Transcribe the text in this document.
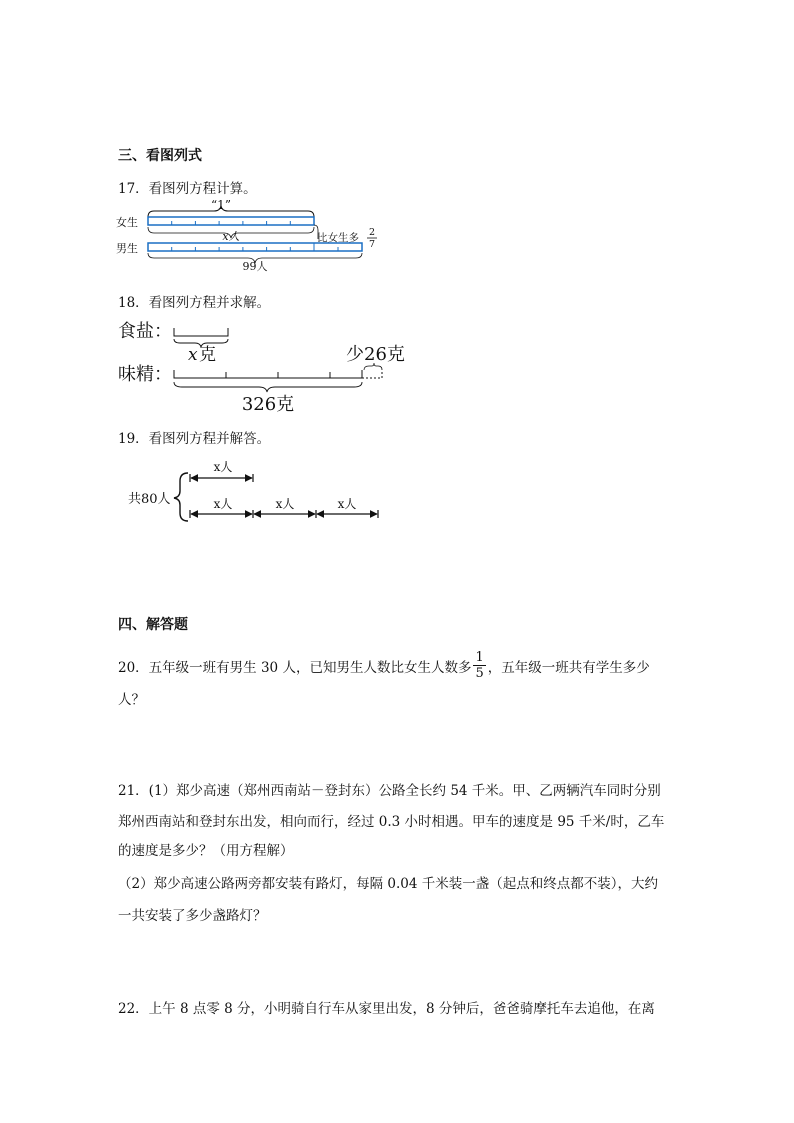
三、看图列式
17．看图列方程计算。
“1”
女生
x人
男生
比女生多 2
7
99人
18．看图列方程并求解。
食盐：
x 克	少26克
味精：
326克
19．看图列方程并解答。
共80人
x人
x人	x人	x人
四、解答题
20．五年级一班有男生 30 人，已知男生人数比女生人数多 $\frac{1}{5}$ ，五年级一班共有学生多少
人？
21．(1）郑少高速（郑州西南站－登封东）公路全长约 54 千米。甲、乙两辆汽车同时分别
郑州西南站和登封东出发，相向而行，经过 0.3 小时相遇。甲车的速度是 95 千米/时，乙车
的速度是多少？（用方程解）
（2）郑少高速公路两旁都安装有路灯，每隔 0.04 千米装一盏（起点和终点都不装），大约
一共安装了多少盏路灯？
22．上午 8 点零 8 分，小明骑自行车从家里出发，8 分钟后，爸爸骑摩托车去追他，在离
